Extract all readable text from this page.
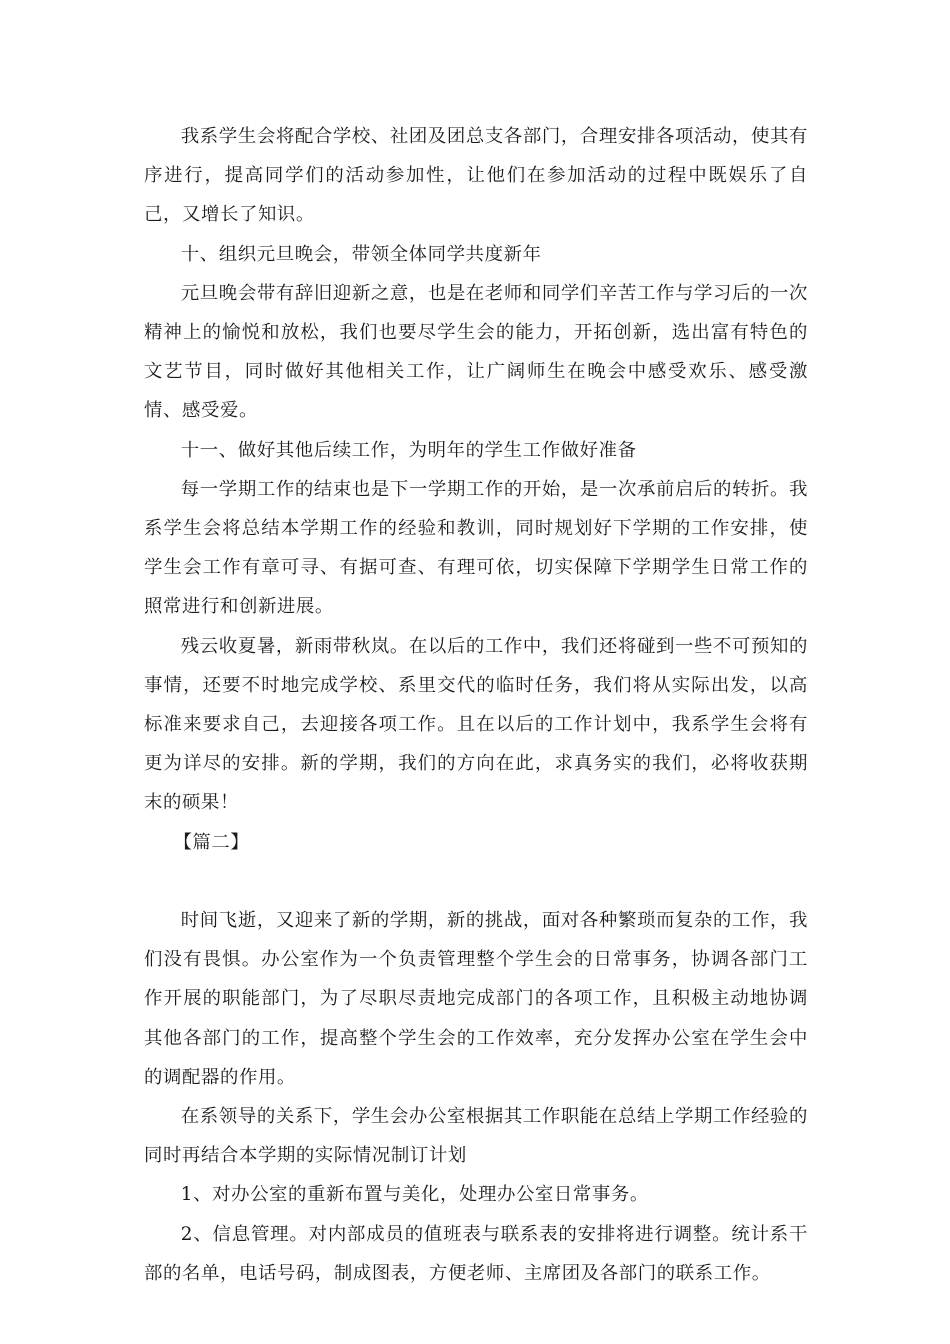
我系学生会将配合学校、社团及团总支各部门，合理安排各项活动，使其有序进行，提高同学们的活动参加性，让他们在参加活动的过程中既娱乐了自己，又增长了知识。

十、组织元旦晚会，带领全体同学共度新年

元旦晚会带有辞旧迎新之意，也是在老师和同学们辛苦工作与学习后的一次精神上的愉悦和放松，我们也要尽学生会的能力，开拓创新，选出富有特色的文艺节目，同时做好其他相关工作，让广阔师生在晚会中感受欢乐、感受激情、感受爱。

十一、做好其他后续工作，为明年的学生工作做好准备

每一学期工作的结束也是下一学期工作的开始，是一次承前启后的转折。我系学生会将总结本学期工作的经验和教训，同时规划好下学期的工作安排，使学生会工作有章可寻、有据可查、有理可依，切实保障下学期学生日常工作的照常进行和创新进展。

残云收夏暑，新雨带秋岚。在以后的工作中，我们还将碰到一些不可预知的事情，还要不时地完成学校、系里交代的临时任务，我们将从实际出发，以高标准来要求自己，去迎接各项工作。且在以后的工作计划中，我系学生会将有更为详尽的安排。新的学期，我们的方向在此，求真务实的我们，必将收获期末的硕果！

【篇二】

时间飞逝，又迎来了新的学期，新的挑战，面对各种繁琐而复杂的工作，我们没有畏惧。办公室作为一个负责管理整个学生会的日常事务，协调各部门工作开展的职能部门，为了尽职尽责地完成部门的各项工作，且积极主动地协调其他各部门的工作，提高整个学生会的工作效率，充分发挥办公室在学生会中的调配器的作用。

在系领导的关系下，学生会办公室根据其工作职能在总结上学期工作经验的同时再结合本学期的实际情况制订计划

1、对办公室的重新布置与美化，处理办公室日常事务。

2、信息管理。对内部成员的值班表与联系表的安排将进行调整。统计系干部的名单，电话号码，制成图表，方便老师、主席团及各部门的联系工作。
